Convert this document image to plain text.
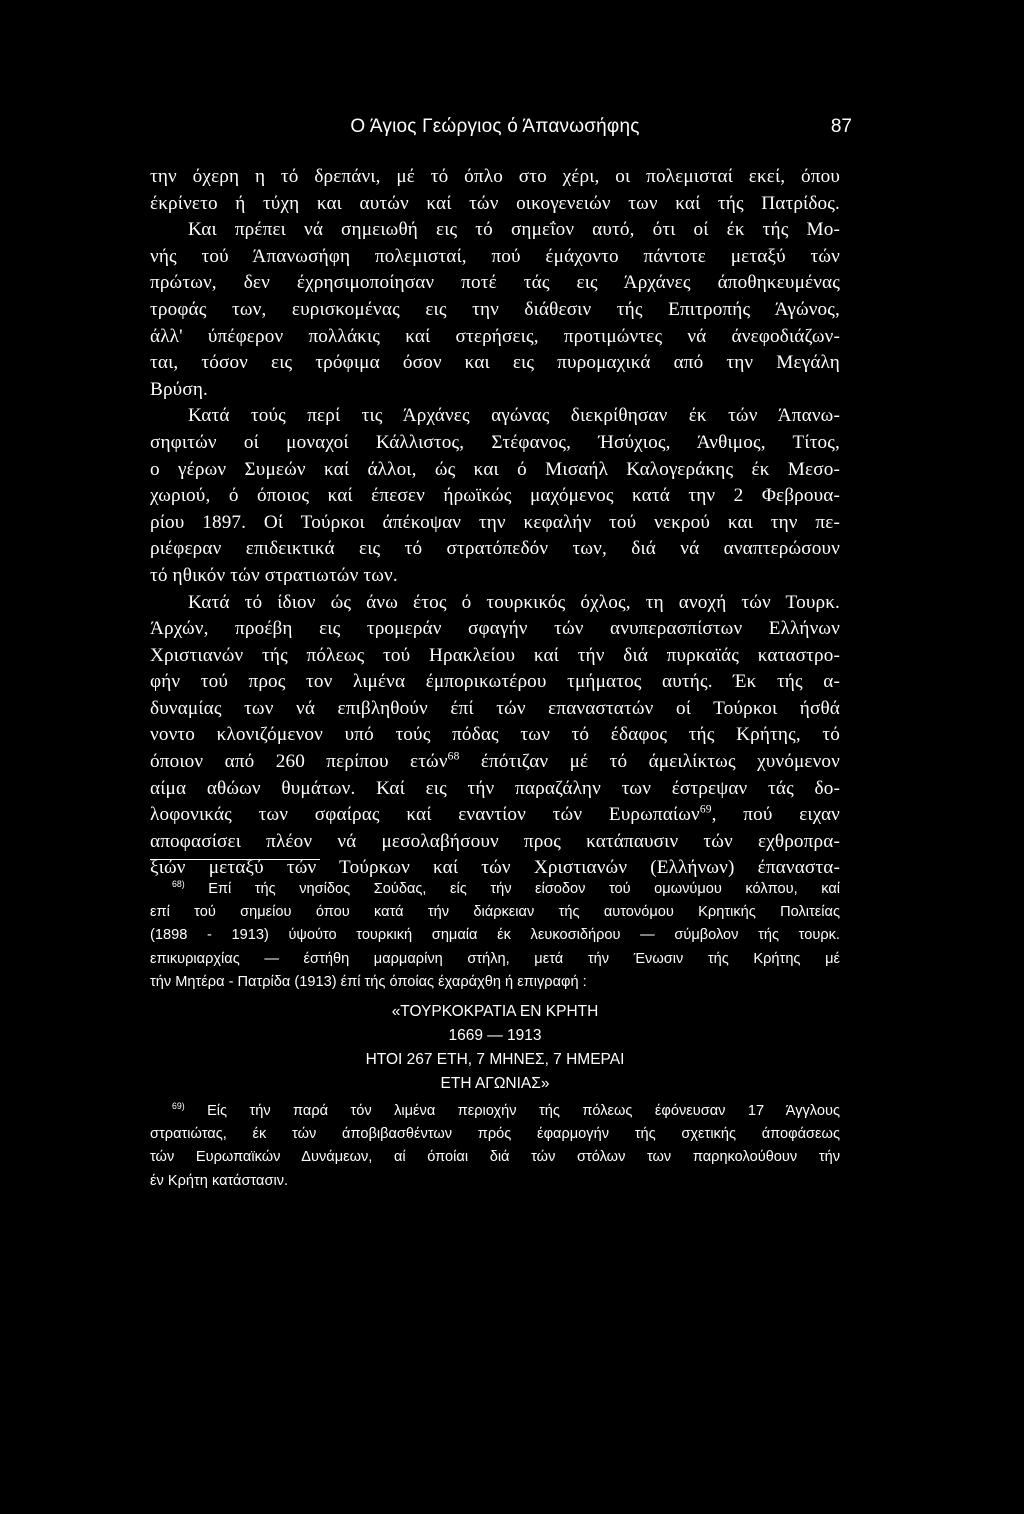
Ο Άγιος Γεώργιος ό Άπανωσήφης	87
την όχερη η τό δρεπάνι, μέ τό όπλο στο χέρι, οι πολεμισταί εκεί, όπου
έκρίνετο ή τύχη και αυτών καί τών οικογενειών των καί τής Πατρίδος.
Και πρέπει νά σημειωθή εις τό σημεΐον αυτό, ότι οί έκ τής Μο-
νής τού Άπανωσήφη πολεμισταί, πού έμάχοντο πάντοτε μεταξύ τών
πρώτων, δεν έχρησιμοποίησαν ποτέ τάς εις Άρχάνες άποθηκευμένας
τροφάς των, ευρισκομένας εις την διάθεσιν τής Επιτροπής Άγώνος,
άλλ' ύπέφερον πολλάκις καί στερήσεις, προτιμώντες νά άνεφοδιάζων-
ται, τόσον εις τρόφιμα όσον και εις πυρομαχικά από την Μεγάλη
Βρύση.
Κατά τούς περί τις Άρχάνες αγώνας διεκρίθησαν έκ τών Άπανω-
σηφιτών οί μοναχοί Κάλλιστος, Στέφανος, Ήσύχιος, Άνθιμος, Τίτος,
ο γέρων Συμεών καί άλλοι, ώς και ό Μισαήλ Καλογεράκης έκ Μεσο-
χωριού, ό όποιος καί έπεσεν ήρωϊκώς μαχόμενος κατά την 2 Φεβρουα-
ρίου 1897. Οί Τούρκοι άπέκοψαν την κεφαλήν τού νεκρού και την πε-
ριέφεραν επιδεικτικά εις τό στρατόπεδόν των, διά νά αναπτερώσουν
τό ηθικόν τών στρατιωτών των.
Κατά τό ίδιον ώς άνω έτος ό τουρκικός όχλος, τη ανοχή τών Τουρκ.
Άρχών, προέβη εις τρομεράν σφαγήν τών ανυπερασπίστων Ελλήνων
Χριστιανών τής πόλεως τού Ηρακλείου καί τήν διά πυρκαϊάς καταστρο-
φήν τού προς τον λιμένα έμπορικωτέρου τμήματος αυτής. Έκ τής α-
δυναμίας των νά επιβληθούν έπί τών επαναστατών οί Τούρκοι ήσθά
νοντο κλονιζόμενον υπό τούς πόδας των τό έδαφος τής Κρήτης, τό
όποιον από 260 περίπου ετών$^{68}$ έπότιζαν μέ τό άμειλίκτως χυνόμενον
αίμα αθώων θυμάτων. Καί εις τήν παραζάλην των έστρεψαν τάς δο-
λοφονικάς των σφαίρας καί εναντίον τών Ευρωπαίων$^{69}$, πού ειχαν
αποφασίσει πλέον νά μεσολαβήσουν προς κατάπαυσιν τών εχθροπρα-
ξιών μεταξύ τών Τούρκων καί τών Χριστιανών (Ελλήνων) έπαναστα-
$^{68)}$ Επί τής νησίδος Σούδας, είς τήν είσοδον τού ομωνύμου κόλπου, καί
επί τού σημείου όπου κατά τήν διάρκειαν τής αυτονόμου Κρητικής Πολιτείας
(1898 - 1913) ύψούτο τουρκική σημαία έκ λευκοσιδήρου — σύμβολον τής τουρκ.
επικυριαρχίας — έστήθη μαρμαρίνη στήλη, μετά τήν Ένωσιν τής Κρήτης μέ
τήν Μητέρα - Πατρίδα (1913) έπί τής όποίας έχαράχθη ή επιγραφή :
«ΤΟΥΡΚΟΚΡΑΤΙΑ ΕΝ ΚΡΗΤΗ
1669 — 1913
ΗΤΟΙ 267 ΕΤΗ, 7 ΜΗΝΕΣ, 7 ΗΜΕΡΑΙ
ΕΤΗ ΑΓΩΝΙΑΣ»
$^{69)}$ Είς τήν παρά τόν λιμένα περιοχήν τής πόλεως έφόνευσαν 17 Άγγλους
στρατιώτας, έκ τών άποβιβασθέντων πρός έφαρμογήν τής σχετικής άποφάσεως
τών Ευρωπαϊκών Δυνάμεων, αί όποίαι διά τών στόλων των παρηκολούθουν τήν
έν Κρήτη κατάστασιν.
